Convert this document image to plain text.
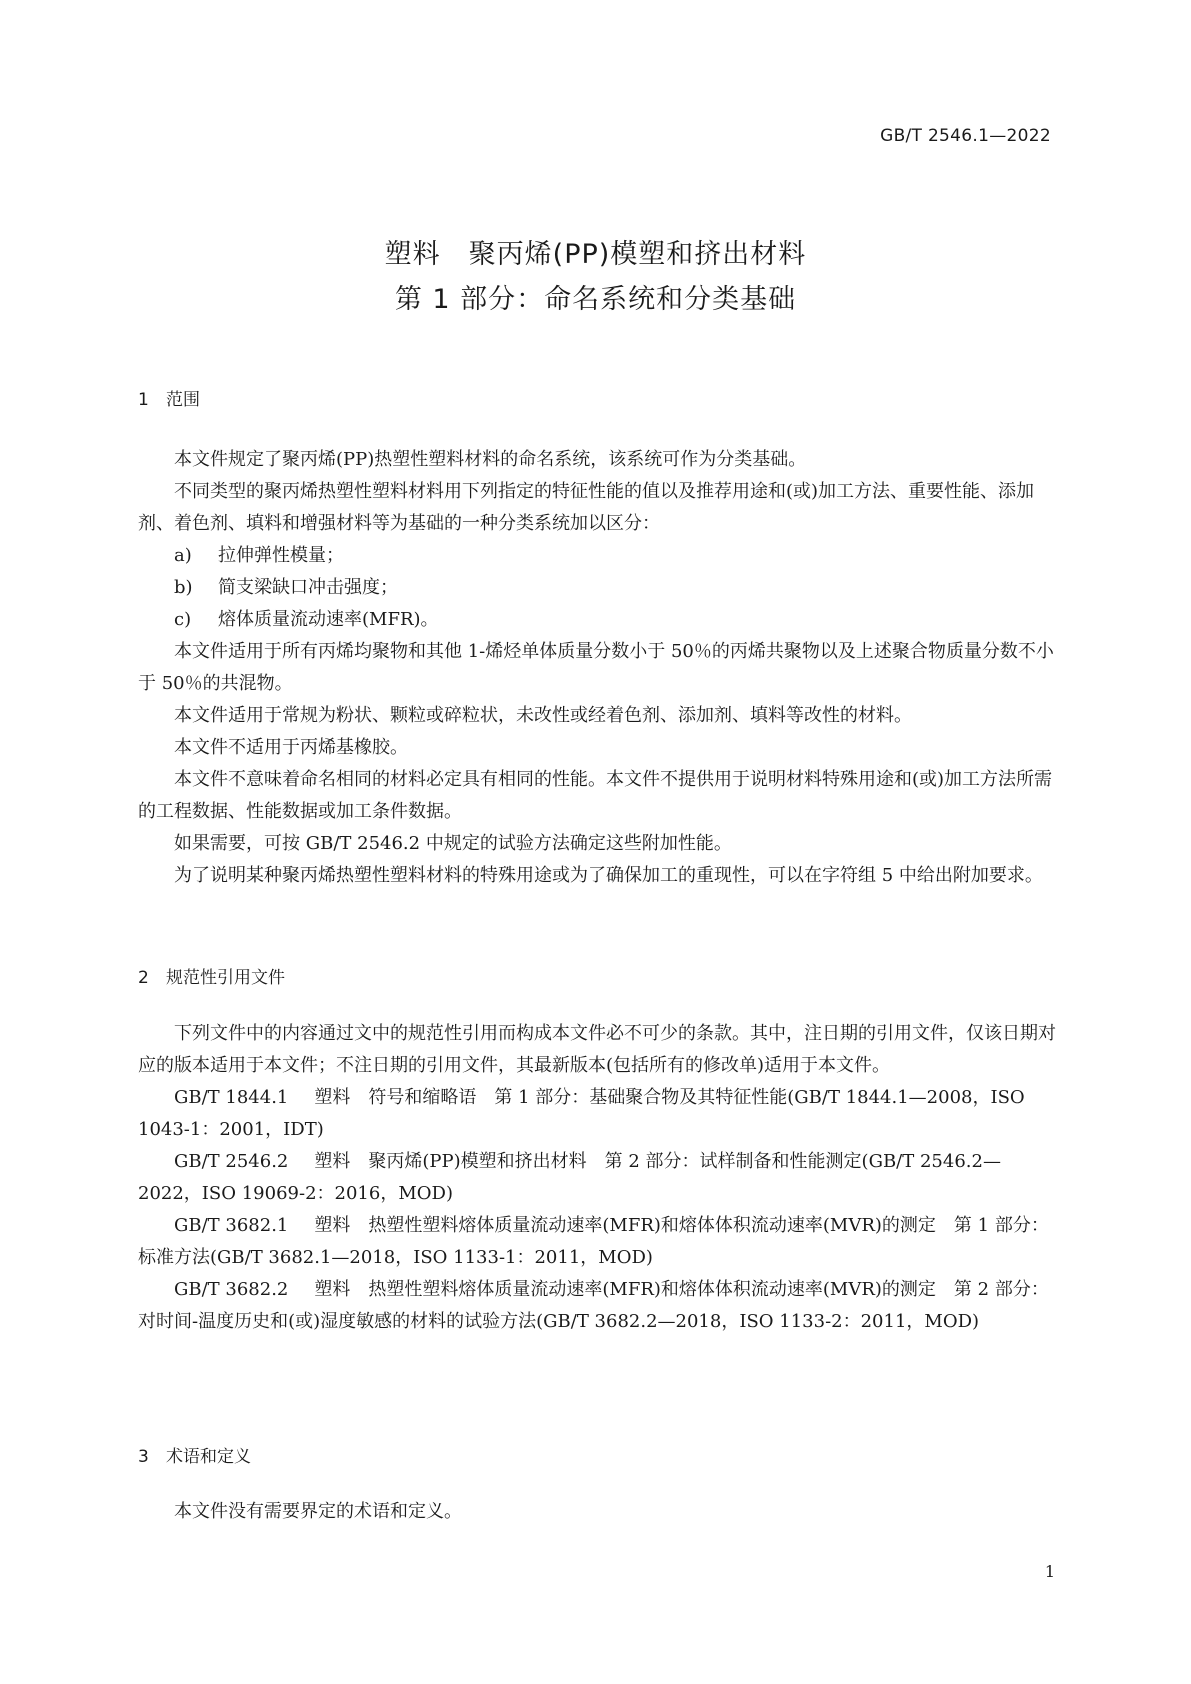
GB/T 2546.1—2022
塑料　聚丙烯(PP)模塑和挤出材料
第 1 部分：命名系统和分类基础
1 范围

本文件规定了聚丙烯(PP)热塑性塑料材料的命名系统，该系统可作为分类基础。

不同类型的聚丙烯热塑性塑料材料用下列指定的特征性能的值以及推荐用途和(或)加工方法、重要性能、添加剂、着色剂、填料和增强材料等为基础的一种分类系统加以区分：

a) 拉伸弹性模量；

b) 简支梁缺口冲击强度；

c) 熔体质量流动速率(MFR)。

本文件适用于所有丙烯均聚物和其他 1-烯烃单体质量分数小于 50％的丙烯共聚物以及上述聚合物质量分数不小于 50％的共混物。

本文件适用于常规为粉状、颗粒或碎粒状，未改性或经着色剂、添加剂、填料等改性的材料。

本文件不适用于丙烯基橡胶。

本文件不意味着命名相同的材料必定具有相同的性能。本文件不提供用于说明材料特殊用途和(或)加工方法所需的工程数据、性能数据或加工条件数据。

如果需要，可按 GB/T 2546.2 中规定的试验方法确定这些附加性能。

为了说明某种聚丙烯热塑性塑料材料的特殊用途或为了确保加工的重现性，可以在字符组 5 中给出附加要求。

2 规范性引用文件

下列文件中的内容通过文中的规范性引用而构成本文件必不可少的条款。其中，注日期的引用文件，仅该日期对应的版本适用于本文件；不注日期的引用文件，其最新版本(包括所有的修改单)适用于本文件。

GB/T 1844.1 塑料　符号和缩略语　第 1 部分：基础聚合物及其特征性能(GB/T 1844.1—2008，ISO 1043-1：2001，IDT)

GB/T 2546.2 塑料　聚丙烯(PP)模塑和挤出材料　第 2 部分：试样制备和性能测定(GB/T 2546.2—2022，ISO 19069-2：2016，MOD)

GB/T 3682.1 塑料　热塑性塑料熔体质量流动速率(MFR)和熔体体积流动速率(MVR)的测定　第 1 部分：标准方法(GB/T 3682.1—2018，ISO 1133-1：2011，MOD)

GB/T 3682.2 塑料　热塑性塑料熔体质量流动速率(MFR)和熔体体积流动速率(MVR)的测定　第 2 部分：对时间-温度历史和(或)湿度敏感的材料的试验方法(GB/T 3682.2—2018，ISO 1133-2：2011，MOD)

3 术语和定义

本文件没有需要界定的术语和定义。

1
